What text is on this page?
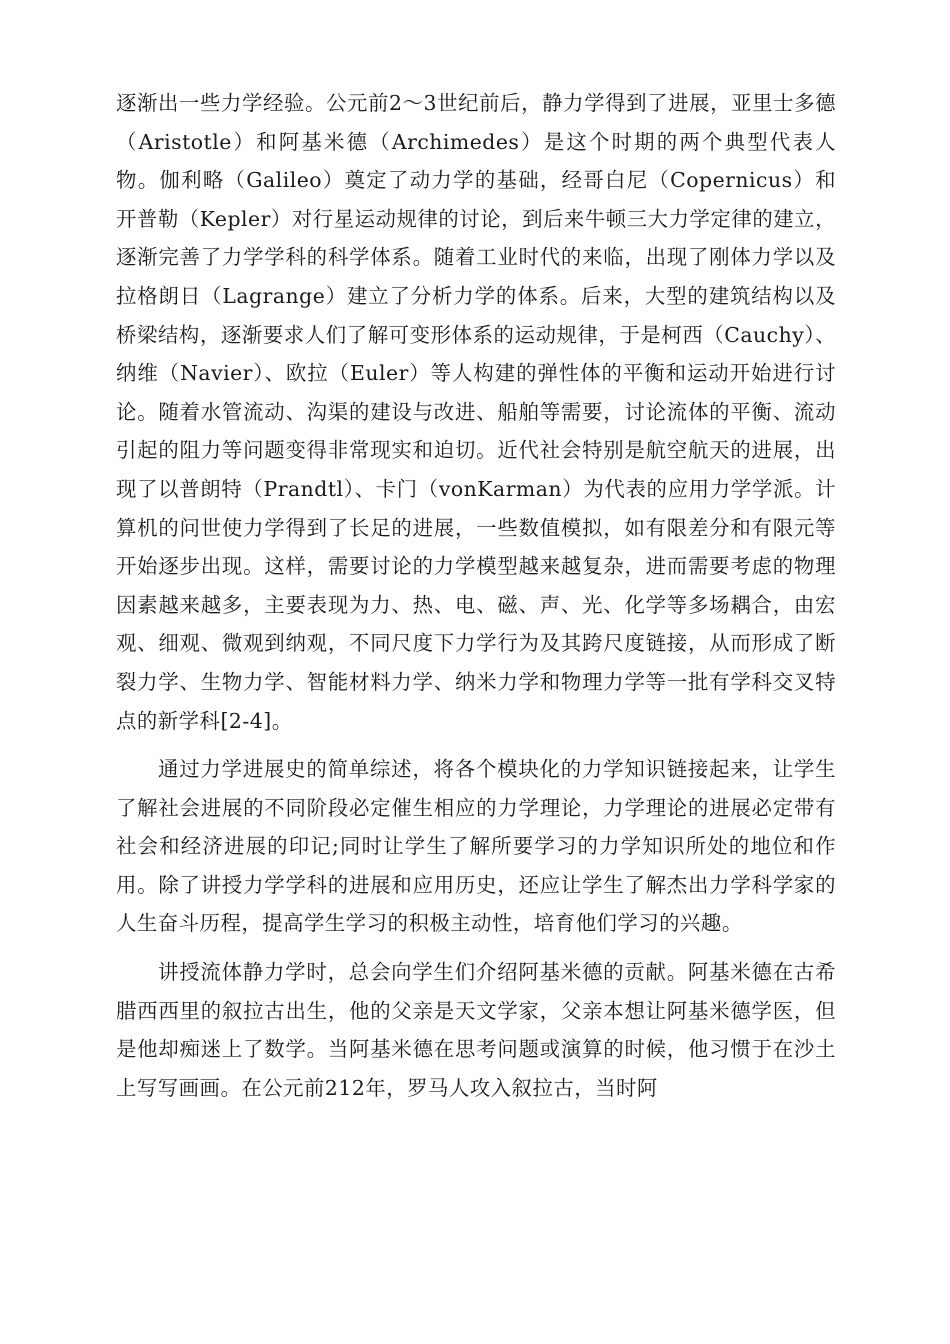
逐渐出一些力学经验。公元前2～3世纪前后，静力学得到了进展，亚里士多德（Aristotle）和阿基米德（Archimedes）是这个时期的两个典型代表人物。伽利略（Galileo）奠定了动力学的基础，经哥白尼（Copernicus）和开普勒（Kepler）对行星运动规律的讨论，到后来牛顿三大力学定律的建立，逐渐完善了力学学科的科学体系。随着工业时代的来临，出现了刚体力学以及拉格朗日（Lagrange）建立了分析力学的体系。后来，大型的建筑结构以及桥梁结构，逐渐要求人们了解可变形体系的运动规律，于是柯西（Cauchy）、纳维（Navier）、欧拉（Euler）等人构建的弹性体的平衡和运动开始进行讨论。随着水管流动、沟渠的建设与改进、船舶等需要，讨论流体的平衡、流动引起的阻力等问题变得非常现实和迫切。近代社会特别是航空航天的进展，出现了以普朗特（Prandtl）、卡门（vonKarman）为代表的应用力学学派。计算机的问世使力学得到了长足的进展，一些数值模拟，如有限差分和有限元等开始逐步出现。这样，需要讨论的力学模型越来越复杂，进而需要考虑的物理因素越来越多，主要表现为力、热、电、磁、声、光、化学等多场耦合，由宏观、细观、微观到纳观，不同尺度下力学行为及其跨尺度链接，从而形成了断裂力学、生物力学、智能材料力学、纳米力学和物理力学等一批有学科交叉特点的新学科[2-4]。

通过力学进展史的简单综述，将各个模块化的力学知识链接起来，让学生了解社会进展的不同阶段必定催生相应的力学理论，力学理论的进展必定带有社会和经济进展的印记;同时让学生了解所要学习的力学知识所处的地位和作用。除了讲授力学学科的进展和应用历史，还应让学生了解杰出力学科学家的人生奋斗历程，提高学生学习的积极主动性，培育他们学习的兴趣。

讲授流体静力学时，总会向学生们介绍阿基米德的贡献。阿基米德在古希腊西西里的叙拉古出生，他的父亲是天文学家，父亲本想让阿基米德学医，但是他却痴迷上了数学。当阿基米德在思考问题或演算的时候，他习惯于在沙土上写写画画。在公元前212年，罗马人攻入叙拉古，当时阿
